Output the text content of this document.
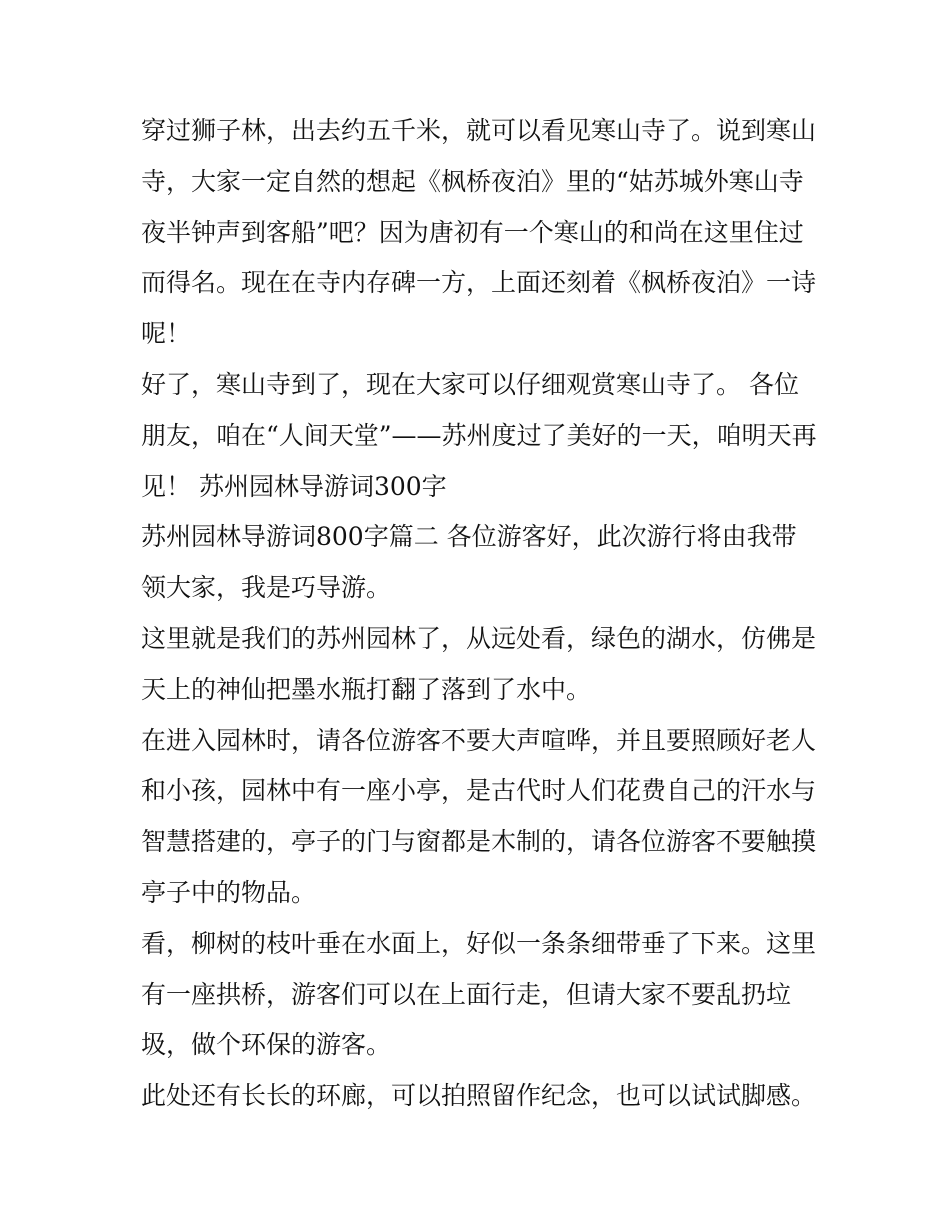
穿过狮子林，出去约五千米，就可以看见寒山寺了。说到寒山
寺，大家一定自然的想起《枫桥夜泊》里的“姑苏城外寒山寺
夜半钟声到客船”吧？因为唐初有一个寒山的和尚在这里住过
而得名。现在在寺内存碑一方，上面还刻着《枫桥夜泊》一诗
呢！
好了，寒山寺到了，现在大家可以仔细观赏寒山寺了。 各位
朋友，咱在“人间天堂”——苏州度过了美好的一天，咱明天再
见！ 苏州园林导游词300字
苏州园林导游词800字篇二 各位游客好，此次游行将由我带
领大家，我是巧导游。
这里就是我们的苏州园林了，从远处看，绿色的湖水，仿佛是
天上的神仙把墨水瓶打翻了落到了水中。
在进入园林时，请各位游客不要大声喧哗，并且要照顾好老人
和小孩，园林中有一座小亭，是古代时人们花费自己的汗水与
智慧搭建的，亭子的门与窗都是木制的，请各位游客不要触摸
亭子中的物品。
看，柳树的枝叶垂在水面上，好似一条条细带垂了下来。这里
有一座拱桥，游客们可以在上面行走，但请大家不要乱扔垃
圾，做个环保的游客。
此处还有长长的环廊，可以拍照留作纪念，也可以试试脚感。
